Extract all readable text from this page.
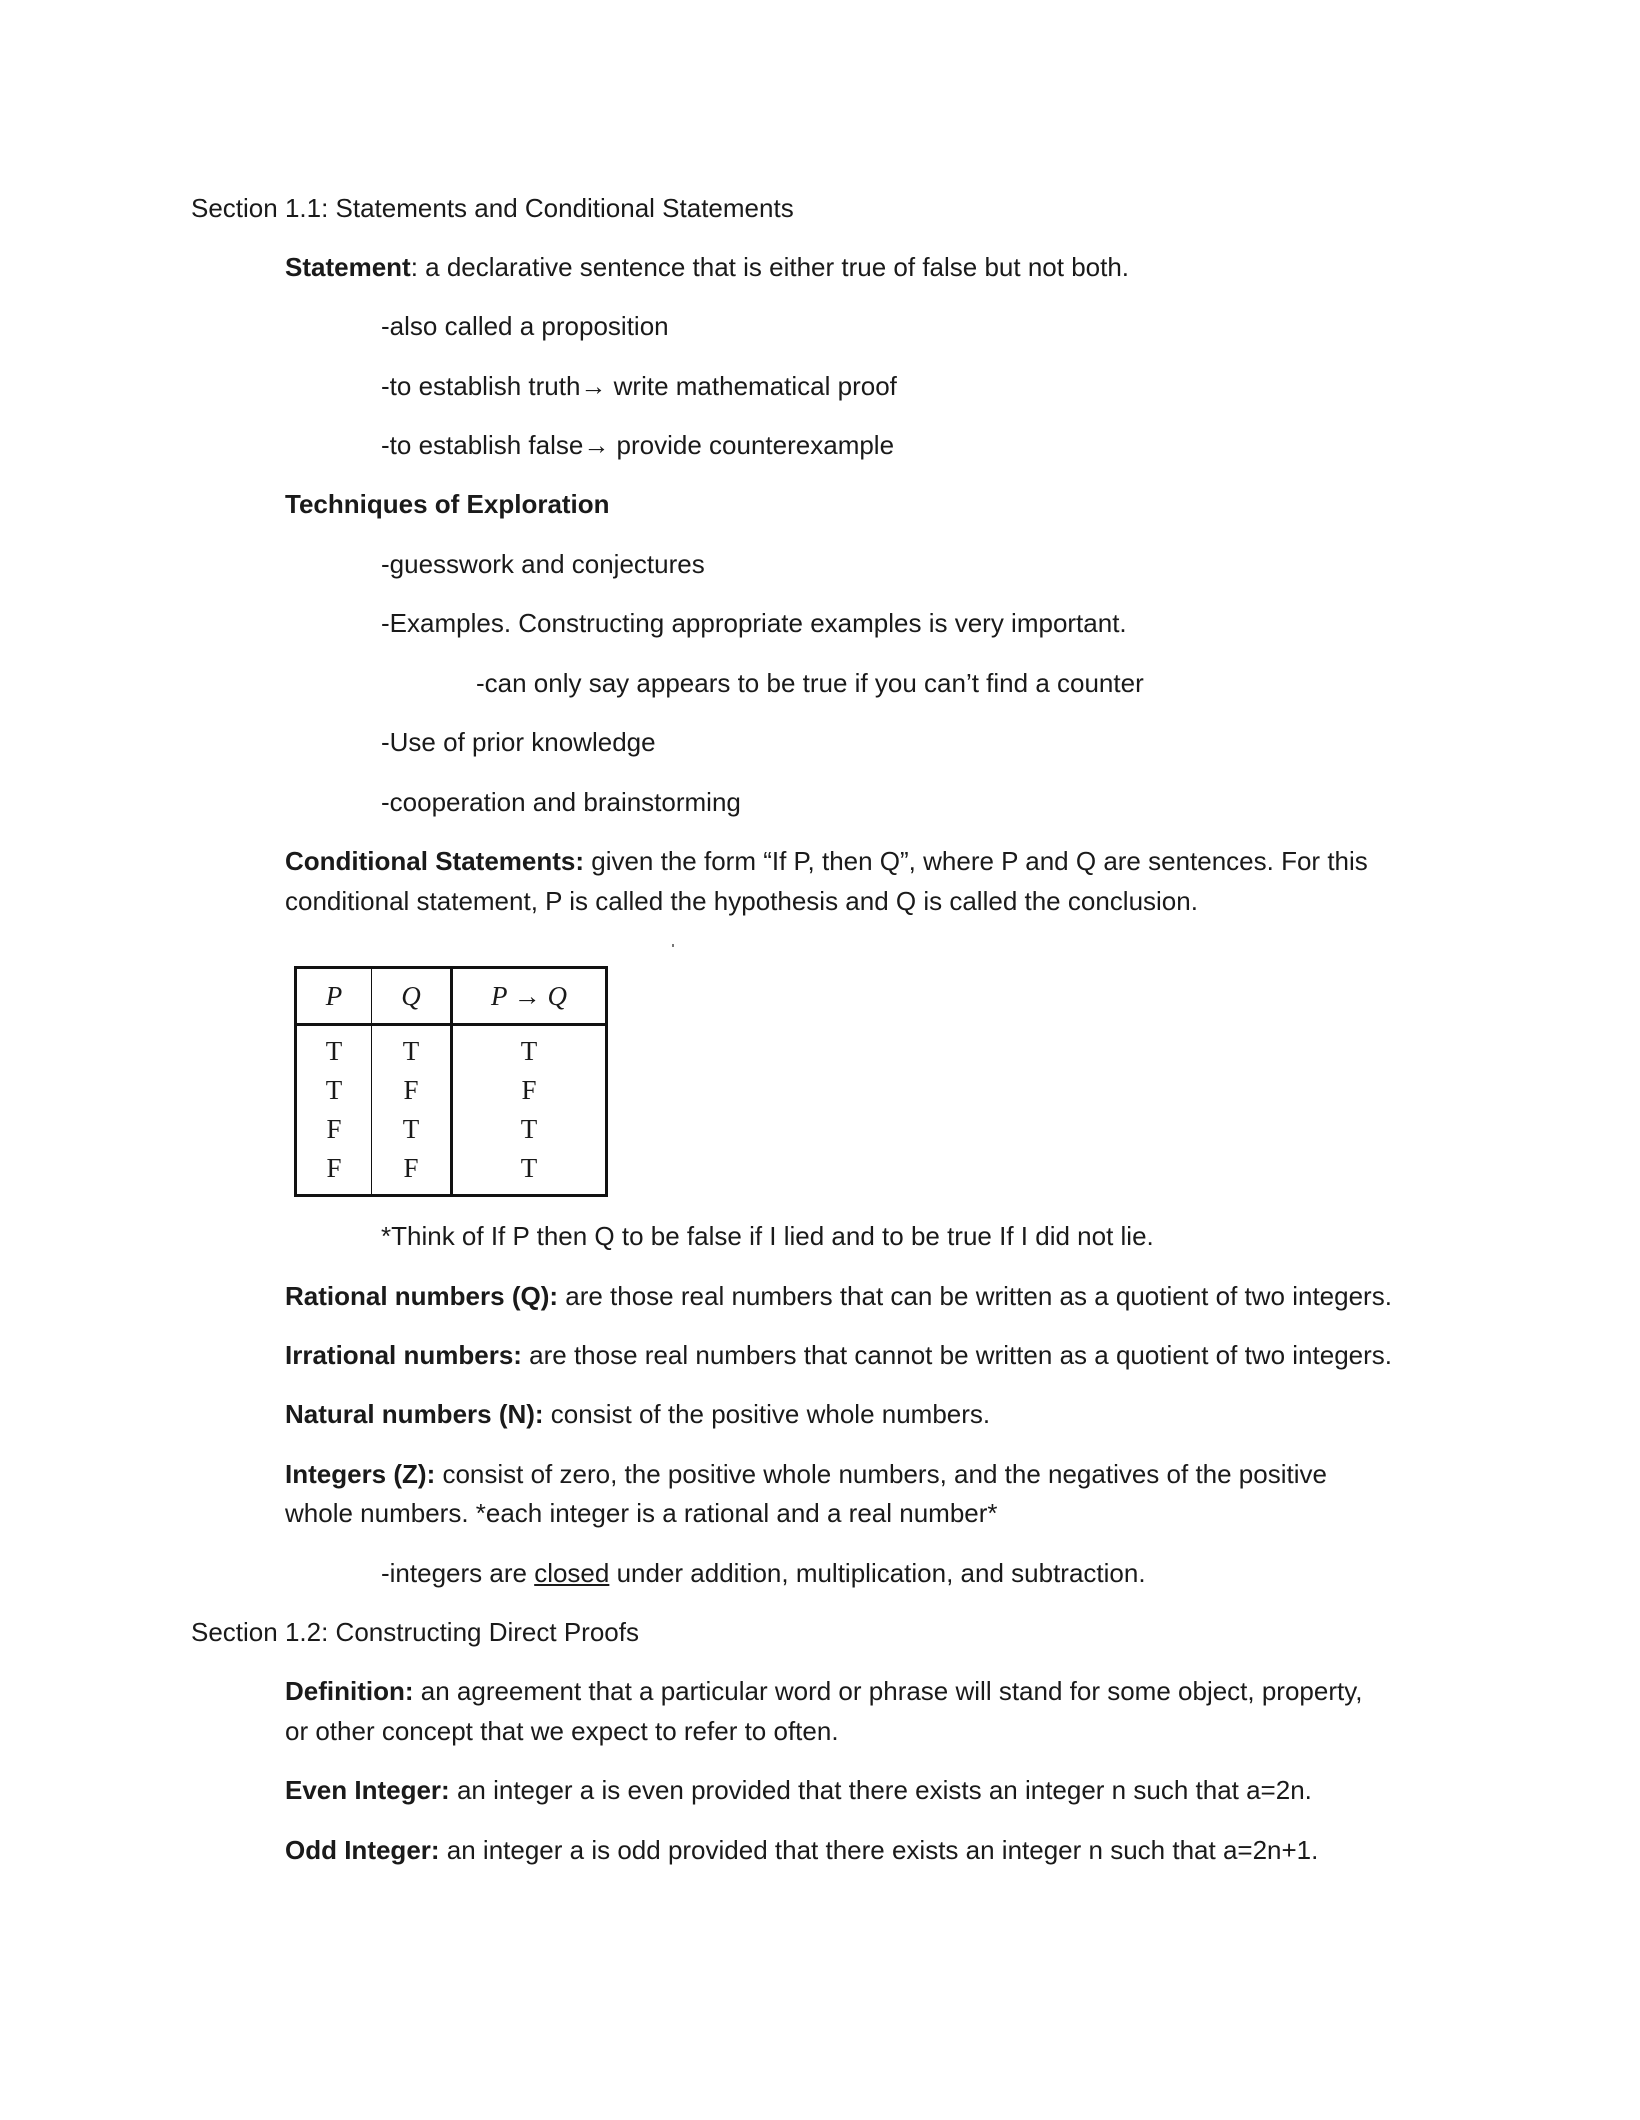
Section 1.1: Statements and Conditional Statements
Statement: a declarative sentence that is either true of false but not both.
-also called a proposition
-to establish truth→ write mathematical proof
-to establish false→ provide counterexample
Techniques of Exploration
-guesswork and conjectures
-Examples. Constructing appropriate examples is very important.
-can only say appears to be true if you can’t find a counter
-Use of prior knowledge
-cooperation and brainstorming
Conditional Statements: given the form “If P, then Q”, where P and Q are sentences. For this
conditional statement, P is called the hypothesis and Q is called the conclusion.
P	Q	P → Q
T	T	T
T	F	F
F	T	T
F	F	T
*Think of If P then Q to be false if I lied and to be true If I did not lie.
Rational numbers (Q): are those real numbers that can be written as a quotient of two integers.
Irrational numbers: are those real numbers that cannot be written as a quotient of two integers.
Natural numbers (N): consist of the positive whole numbers.
Integers (Z): consist of zero, the positive whole numbers, and the negatives of the positive
whole numbers. *each integer is a rational and a real number*
-integers are closed under addition, multiplication, and subtraction.
Section 1.2: Constructing Direct Proofs
Definition: an agreement that a particular word or phrase will stand for some object, property,
or other concept that we expect to refer to often.
Even Integer: an integer a is even provided that there exists an integer n such that a=2n.
Odd Integer: an integer a is odd provided that there exists an integer n such that a=2n+1.
